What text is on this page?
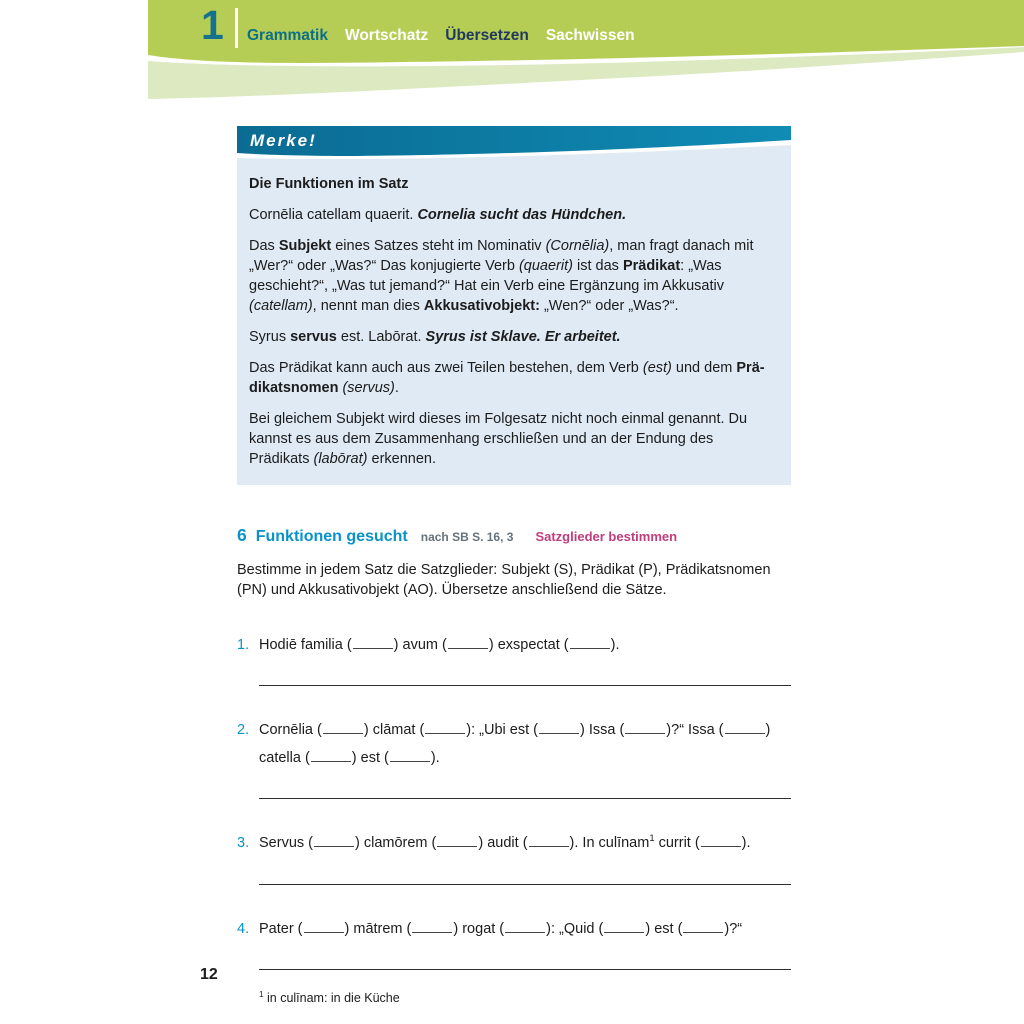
1 Grammatik Wortschatz Übersetzen Sachwissen
Merke!

Die Funktionen im Satz

Cornēlia catellam quaerit. Cornelia sucht das Hündchen.

Das Subjekt eines Satzes steht im Nominativ (Cornēlia), man fragt danach mit „Wer?“ oder „Was?“ Das konjugierte Verb (quaerit) ist das Prädikat: „Was geschieht?“, „Was tut jemand?“ Hat ein Verb eine Ergänzung im Akkusativ (catellam), nennt man dies Akkusativobjekt: „Wen?“ oder „Was?“.

Syrus servus est. Labōrat. Syrus ist Sklave. Er arbeitet.

Das Prädikat kann auch aus zwei Teilen bestehen, dem Verb (est) und dem Prädikatsnomen (servus).

Bei gleichem Subjekt wird dieses im Folgesatz nicht noch einmal genannt. Du kannst es aus dem Zusammenhang erschließen und an der Endung des Prädikats (labōrat) erkennen.

6 Funktionen gesucht nach SB S. 16, 3 Satzglieder bestimmen

Bestimme in jedem Satz die Satzglieder: Subjekt (S), Prädikat (P), Prädikatsnomen (PN) und Akkusativobjekt (AO). Übersetze anschließend die Sätze.

1. Hodiē familia (	) avum (	) exspectat (	).
2. Cornēlia (	) clāmat (	): „Ubi est (	) Issa (	)?“ Issa (	)
catella (	) est (	).
3. Servus (	) clamōrem (	) audit (	). In culīnam$^1$ currit (	).
4. Pater (	) mātrem (	) rogat (	): „Quid (	) est (	)?“

$^1$ in culīnam: in die Küche

12
